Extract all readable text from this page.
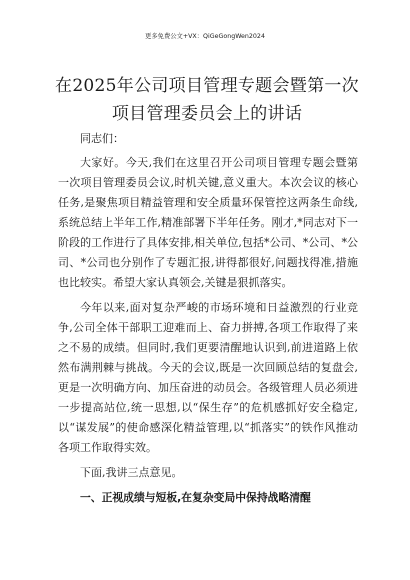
更多免费公文+VX：QiGeGongWen2024
在2025年公司项目管理专题会暨第一次项目管理委员会上的讲话

同志们：

大家好。今天,我们在这里召开公司项目管理专题会暨第一次项目管理委员会议,时机关键,意义重大。本次会议的核心任务,是聚焦项目精益管理和安全质量环保管控这两条生命线,系统总结上半年工作,精准部署下半年任务。刚才,*同志对下一阶段的工作进行了具体安排,相关单位,包括*公司、*公司、*公司、*公司也分别作了专题汇报,讲得都很好,问题找得准,措施也比较实。希望大家认真领会,关键是狠抓落实。

今年以来,面对复杂严峻的市场环境和日益激烈的行业竞争,公司全体干部职工迎难而上、奋力拼搏,各项工作取得了来之不易的成绩。但同时,我们更要清醒地认识到,前进道路上依然布满荆棘与挑战。今天的会议,既是一次回顾总结的复盘会,更是一次明确方向、加压奋进的动员会。各级管理人员必须进一步提高站位,统一思想,以“保生存”的危机感抓好安全稳定,以“谋发展”的使命感深化精益管理,以“抓落实”的铁作风推动各项工作取得实效。

下面,我讲三点意见。

一、正视成绩与短板,在复杂变局中保持战略清醒
